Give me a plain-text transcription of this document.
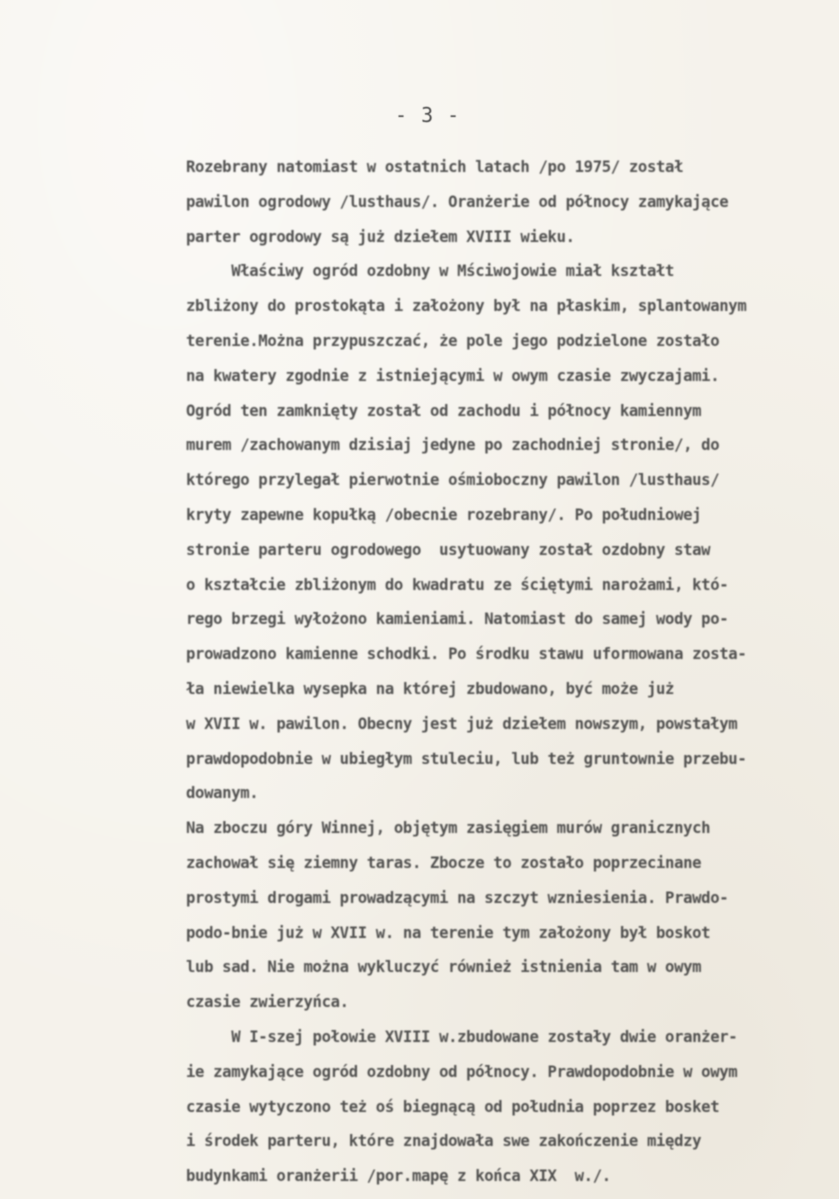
- 3 -
Rozebrany natomiast w ostatnich latach /po 1975/ został
pawilon ogrodowy /lusthaus/. Oranżerie od północy zamykające
parter ogrodowy są już dziełem XVIII wieku.
Właściwy ogród ozdobny w Mściwojowie miał kształt
zbliżony do prostokąta i założony był na płaskim, splantowanym
terenie.Można przypuszczać, że pole jego podzielone zostało
na kwatery zgodnie z istniejącymi w owym czasie zwyczajami.
Ogród ten zamknięty został od zachodu i północy kamiennym
murem /zachowanym dzisiaj jedyne po zachodniej stronie/, do
którego przylegał pierwotnie ośmioboczny pawilon /lusthaus/
kryty zapewne kopułką /obecnie rozebrany/. Po południowej
stronie parteru ogrodowego  usytuowany został ozdobny staw
o kształcie zbliżonym do kwadratu ze ściętymi narożami, któ-
rego brzegi wyłożono kamieniami. Natomiast do samej wody po-
prowadzono kamienne schodki. Po środku stawu uformowana zosta-
ła niewielka wysepka na której zbudowano, być może już
w XVII w. pawilon. Obecny jest już dziełem nowszym, powstałym
prawdopodobnie w ubiegłym stuleciu, lub też gruntownie przebu-
dowanym.
Na zboczu góry Winnej, objętym zasięgiem murów granicznych
zachował się ziemny taras. Zbocze to zostało poprzecinane
prostymi drogami prowadzącymi na szczyt wzniesienia. Prawdo-
podo-bnie już w XVII w. na terenie tym założony był boskot
lub sad. Nie można wykluczyć również istnienia tam w owym
czasie zwierzyńca.
W I-szej połowie XVIII w.zbudowane zostały dwie oranżer-
ie zamykające ogród ozdobny od północy. Prawdopodobnie w owym
czasie wytyczono też oś biegnącą od południa poprzez bosket
i środek parteru, które znajdowała swe zakończenie między
budynkami oranżerii /por.mapę z końca XIX  w./.
